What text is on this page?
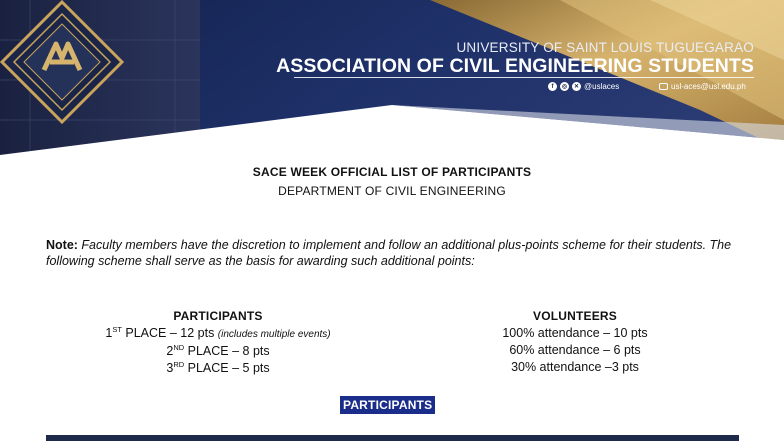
UNIVERSITY OF SAINT LOUIS TUGUEGARAO
ASSOCIATION OF CIVIL ENGINEERING STUDENTS
f	◎	✕ @uslaces	usl-aces@usl.edu.ph
SACE WEEK OFFICIAL LIST OF PARTICIPANTS
DEPARTMENT OF CIVIL ENGINEERING
Note: Faculty members have the discretion to implement and follow an additional plus-points scheme for their students. The following scheme shall serve as the basis for awarding such additional points:
PARTICIPANTS
1ST PLACE – 12 pts (includes multiple events)
2ND PLACE – 8 pts
3RD PLACE – 5 pts
VOLUNTEERS
100% attendance – 10 pts
60% attendance – 6 pts
30% attendance –3 pts
PARTICIPANTS
